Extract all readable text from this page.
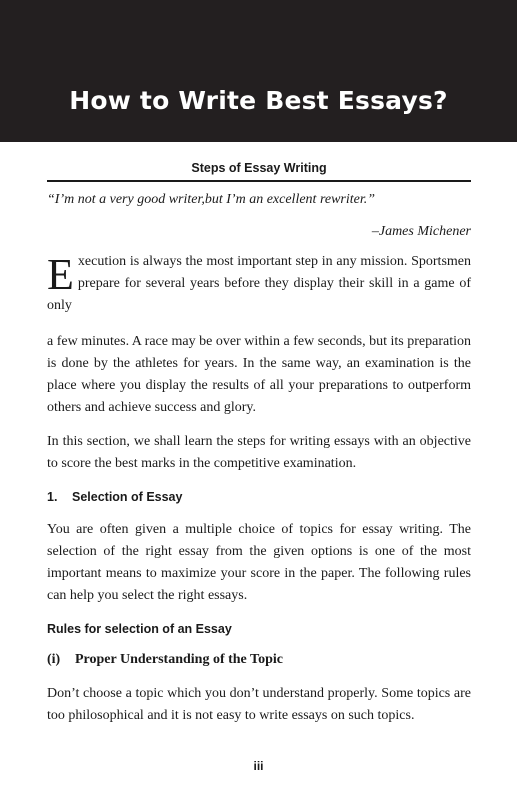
How to Write Best Essays?
Steps of Essay Writing

“I’m not a very good writer,but I’m an excellent rewriter.”

–James Michener

Execution is always the most important step in any mission. Sportsmen prepare for several years before they display their skill in a game of only

a few minutes. A race may be over within a few seconds, but its preparation is done by the athletes for years. In the same way, an examination is the place where you display the results of all your preparations to outperform others and achieve success and glory.

In this section, we shall learn the steps for writing essays with an objective to score the best marks in the competitive examination.

1.	Selection of Essay

You are often given a multiple choice of topics for essay writing. The selection of the right essay from the given options is one of the most important means to maximize your score in the paper. The following rules can help you select the right essays.

Rules for selection of an Essay
(i)	Proper Understanding of the Topic

Don’t choose a topic which you don’t understand properly. Some topics are too philosophical and it is not easy to write essays on such topics.

iii
